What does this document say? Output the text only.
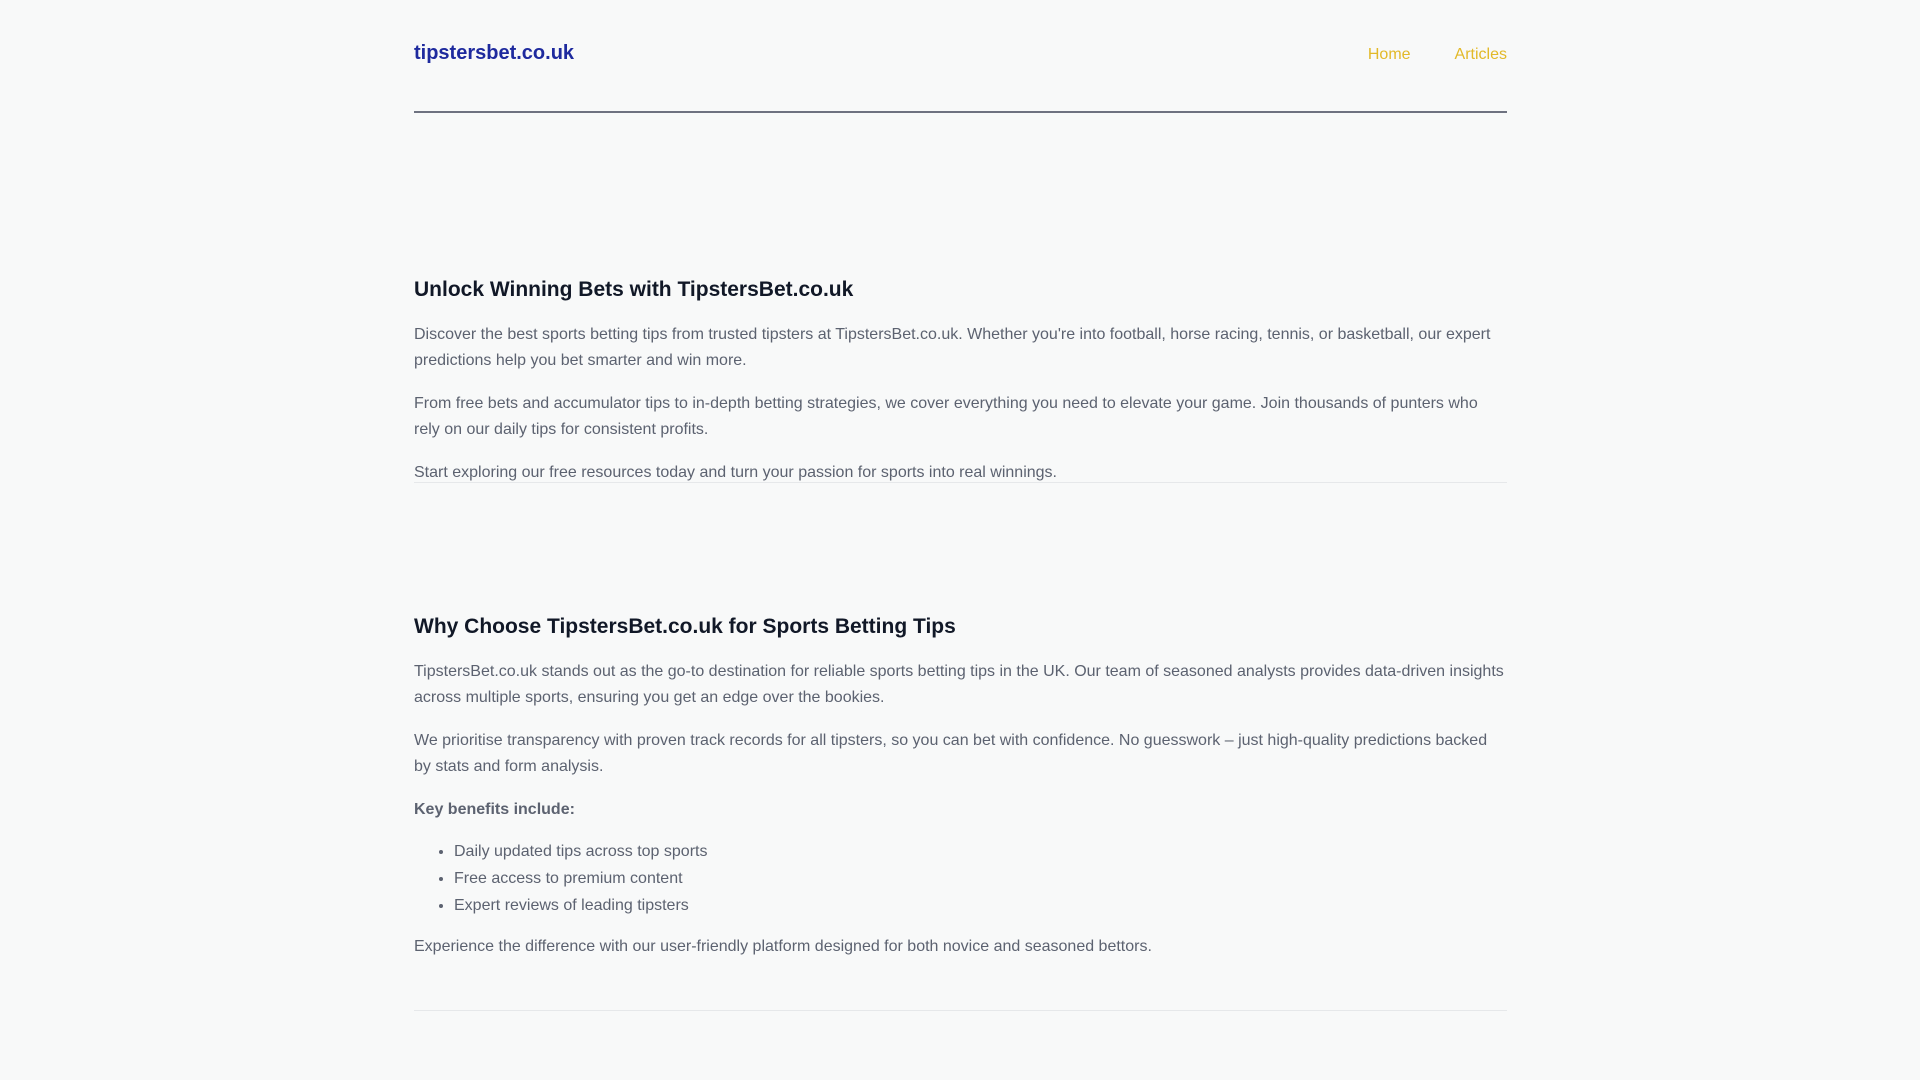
tipstersbet.co.uk	Home	Articles
Unlock Winning Bets with TipstersBet.co.uk

Discover the best sports betting tips from trusted tipsters at TipstersBet.co.uk. Whether you're into football, horse racing, tennis, or basketball, our expert predictions help you bet smarter and win more.

From free bets and accumulator tips to in-depth betting strategies, we cover everything you need to elevate your game. Join thousands of punters who rely on our daily tips for consistent profits.

Start exploring our free resources today and turn your passion for sports into real winnings.

Why Choose TipstersBet.co.uk for Sports Betting Tips

TipstersBet.co.uk stands out as the go-to destination for reliable sports betting tips in the UK. Our team of seasoned analysts provides data-driven insights across multiple sports, ensuring you get an edge over the bookies.

We prioritise transparency with proven track records for all tipsters, so you can bet with confidence. No guesswork – just high-quality predictions backed by stats and form analysis.

Key benefits include:

• Daily updated tips across top sports
• Free access to premium content
• Expert reviews of leading tipsters

Experience the difference with our user-friendly platform designed for both novice and seasoned bettors.
